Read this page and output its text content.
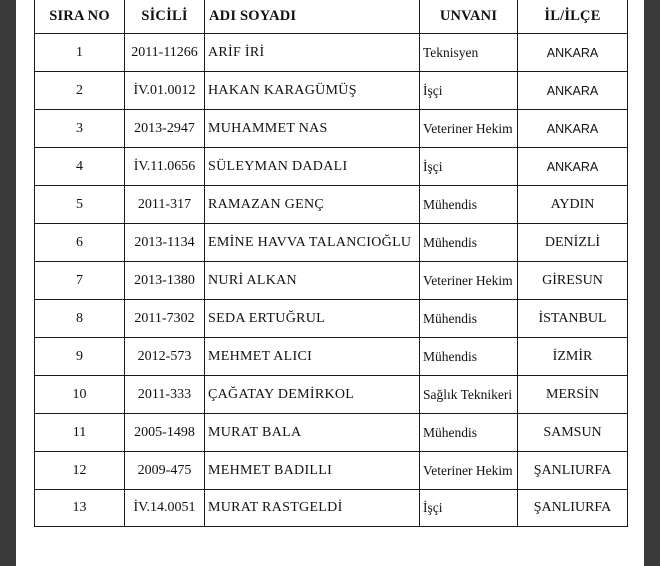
SIRA NO	SİCİLİ	ADI SOYADI	UNVANI	İL/İLÇE
1	2011-11266	ARİF İRİ	Teknisyen	ANKARA
2	İV.01.0012	HAKAN KARAGÜMÜŞ	İşçi	ANKARA
3	2013-2947	MUHAMMET NAS	Veteriner Hekim	ANKARA
4	İV.11.0656	SÜLEYMAN DADALI	İşçi	ANKARA
5	2011-317	RAMAZAN GENÇ	Mühendis	AYDIN
6	2013-1134	EMİNE HAVVA TALANCIOĞLU	Mühendis	DENİZLİ
7	2013-1380	NURİ ALKAN	Veteriner Hekim	GİRESUN
8	2011-7302	SEDA ERTUĞRUL	Mühendis	İSTANBUL
9	2012-573	MEHMET ALICI	Mühendis	İZMİR
10	2011-333	ÇAĞATAY DEMİRKOL	Sağlık Teknikeri	MERSİN
11	2005-1498	MURAT BALA	Mühendis	SAMSUN
12	2009-475	MEHMET BADILLI	Veteriner Hekim	ŞANLIURFA
13	İV.14.0051	MURAT RASTGELDİ	İşçi	ŞANLIURFA
